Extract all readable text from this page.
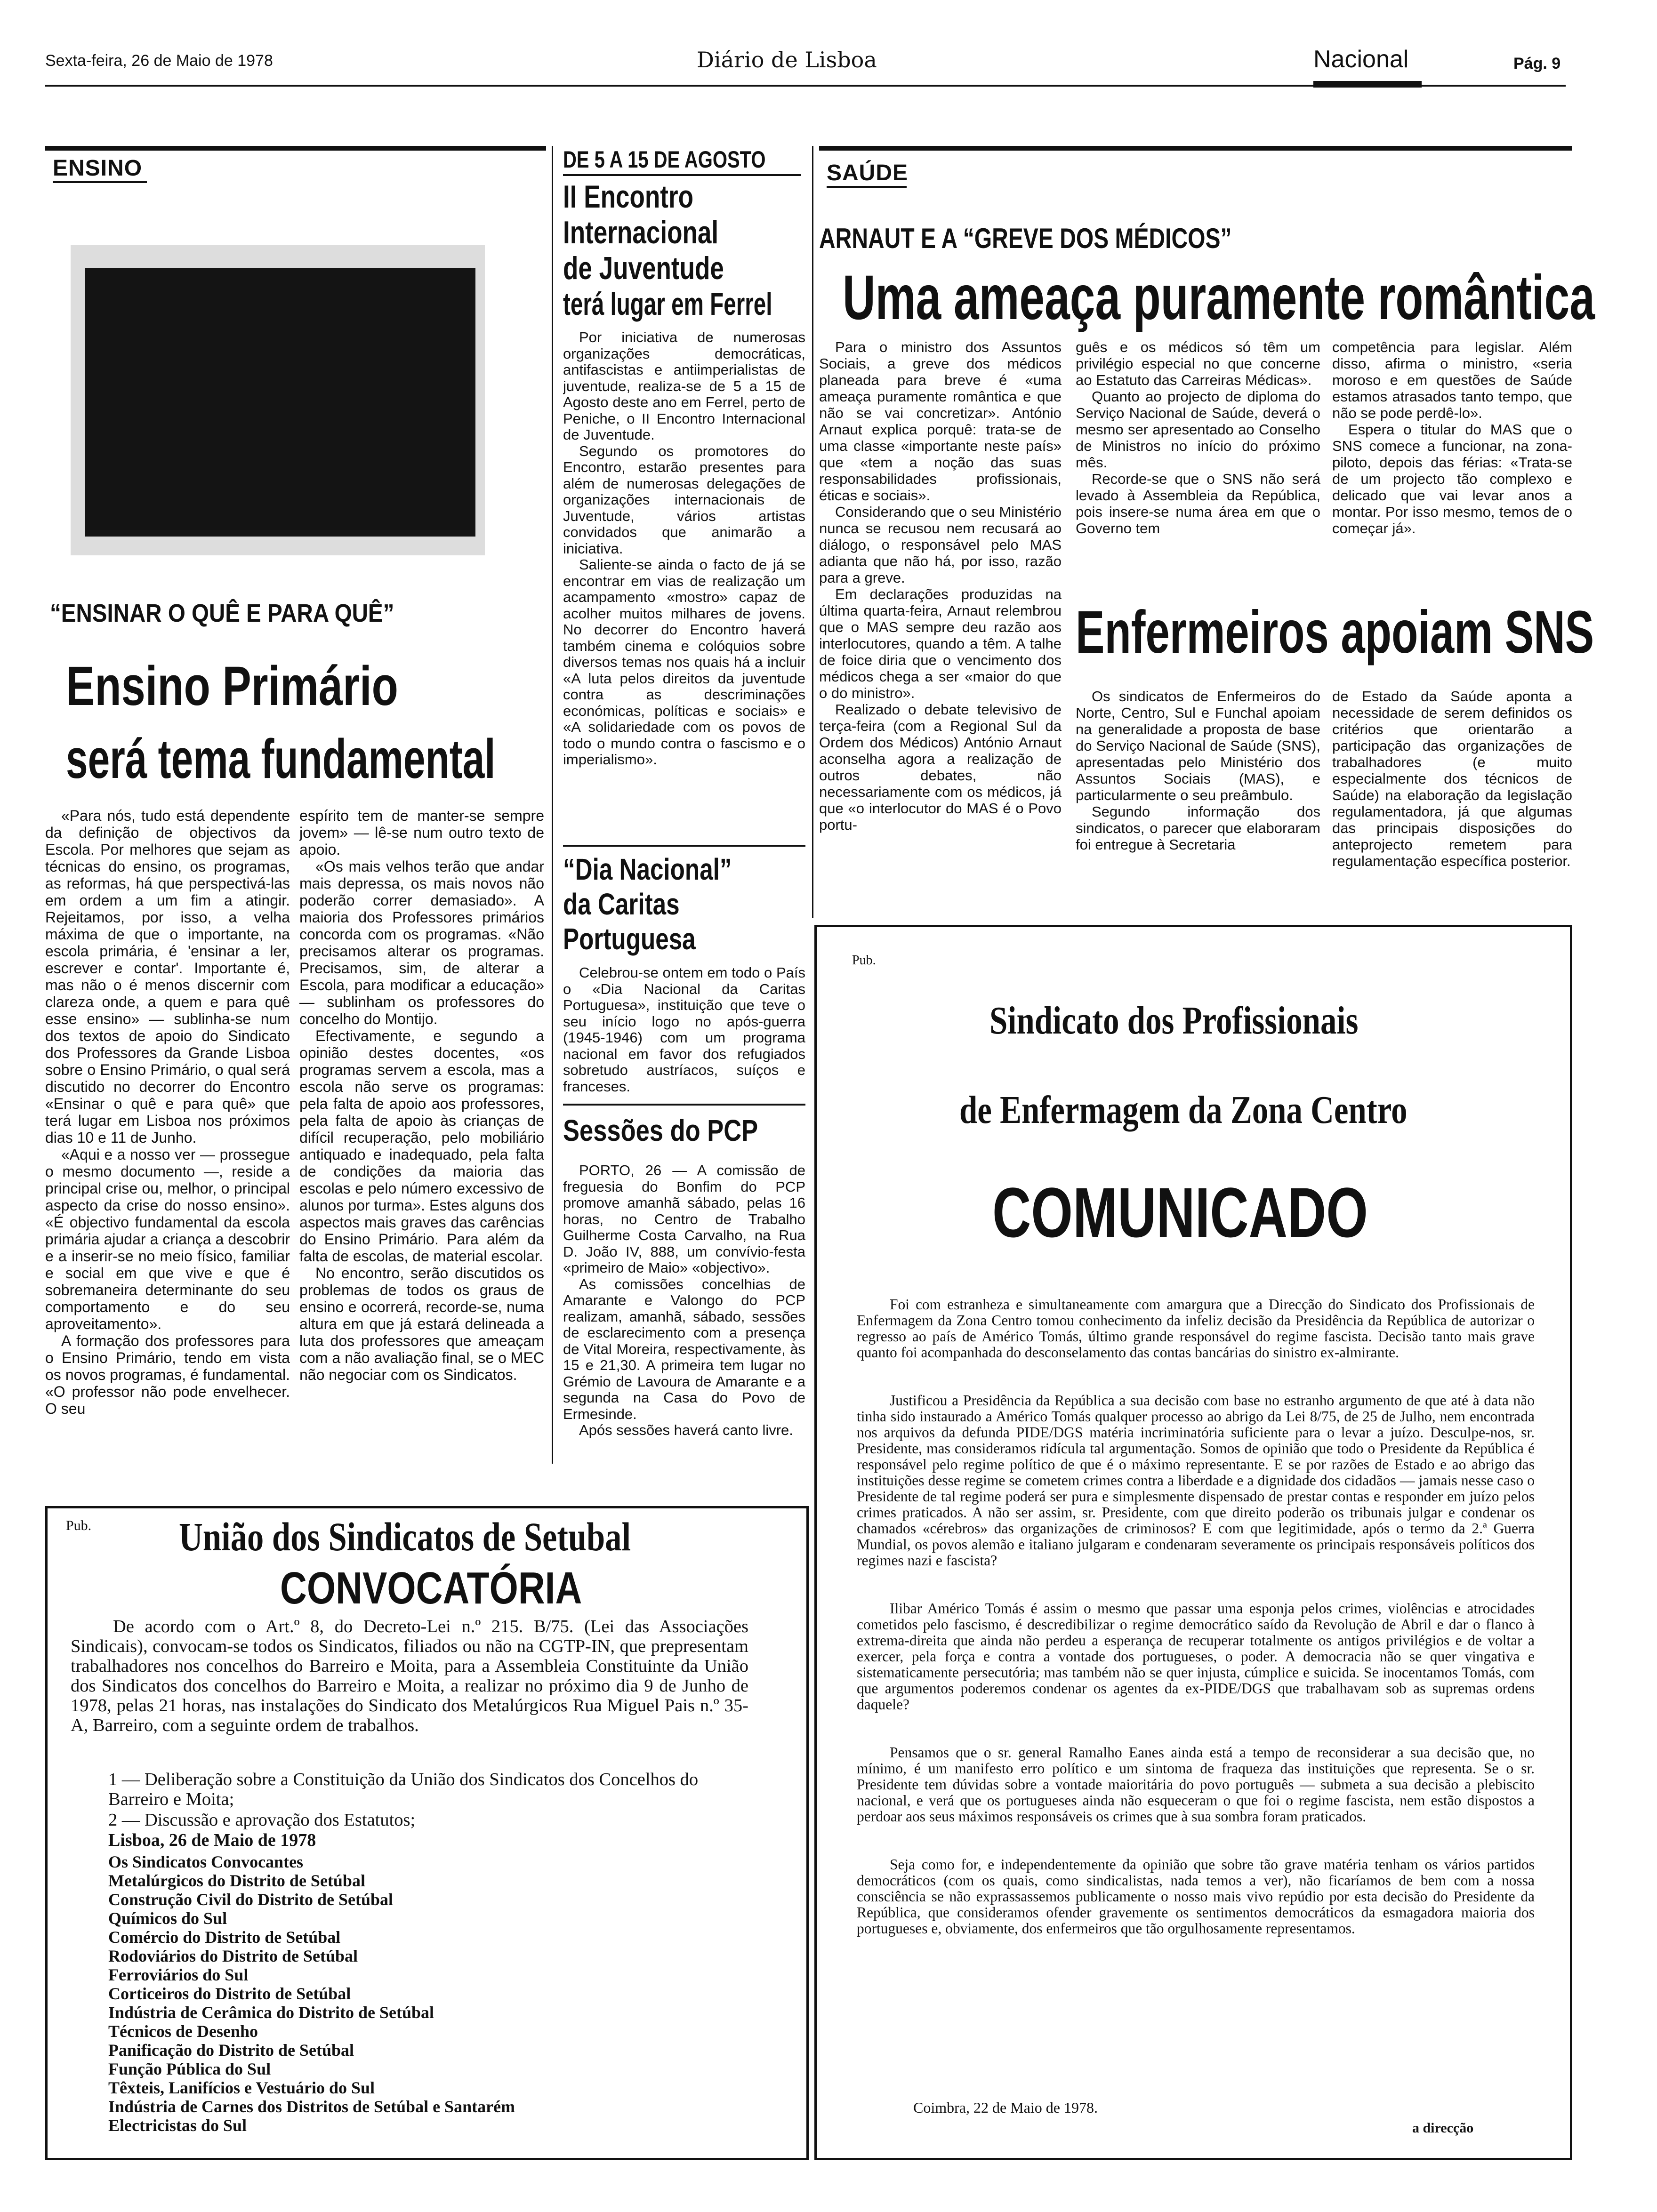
Sexta-feira, 26 de Maio de 1978	Diário de Lisboa	Nacional	Pág. 9
ENSINO
“ENSINAR O QUÊ E PARA QUÊ”
Ensino Primário
será tema fundamental

«Para nós, tudo está dependente da definição de objectivos da Escola. Por melhores que sejam as técnicas do ensino, os programas, as reformas, há que perspectivá-las em ordem a um fim a atingir. Rejeitamos, por isso, a velha máxima de que o importante, na escola primária, é 'ensinar a ler, escrever e contar'. Importante é, mas não o é menos discernir com clareza onde, a quem e para quê esse ensino» — sublinha-se num dos textos de apoio do Sindicato dos Professores da Grande Lisboa sobre o Ensino Primário, o qual será discutido no decorrer do Encontro «Ensinar o quê e para quê» que terá lugar em Lisboa nos próximos dias 10 e 11 de Junho.

«Aqui e a nosso ver — prossegue o mesmo documento —, reside a principal crise ou, melhor, o principal aspecto da crise do nosso ensino». «É objectivo fundamental da escola primária ajudar a criança a descobrir e a inserir-se no meio físico, familiar e social em que vive e que é sobremaneira determinante do seu comportamento e do seu aproveitamento».

A formação dos professores para o Ensino Primário, tendo em vista os novos programas, é fundamental. «O professor não pode envelhecer. O seu

espírito tem de manter-se sempre jovem» — lê-se num outro texto de apoio.

«Os mais velhos terão que andar mais depressa, os mais novos não poderão correr demasiado». A maioria dos Professores primários concorda com os programas. «Não precisamos alterar os programas. Precisamos, sim, de alterar a Escola, para modificar a educação» — sublinham os professores do concelho do Montijo.

Efectivamente, e segundo a opinião destes docentes, «os programas servem a escola, mas a escola não serve os programas: pela falta de apoio aos professores, pela falta de apoio às crianças de difícil recuperação, pelo mobiliário antiquado e inadequado, pela falta de condições da maioria das escolas e pelo número excessivo de alunos por turma». Estes alguns dos aspectos mais graves das carências do Ensino Primário. Para além da falta de escolas, de material escolar.

No encontro, serão discutidos os problemas de todos os graus de ensino e ocorrerá, recorde-se, numa altura em que já estará delineada a luta dos professores que ameaçam com a não avaliação final, se o MEC não negociar com os Sindicatos.

DE 5 A 15 DE AGOSTO
II Encontro
Internacional
de Juventude
terá lugar em Ferrel

Por iniciativa de numerosas organizações democráticas, antifascistas e antiimperialistas de juventude, realiza-se de 5 a 15 de Agosto deste ano em Ferrel, perto de Peniche, o II Encontro Internacional de Juventude.

Segundo os promotores do Encontro, estarão presentes para além de numerosas delegações de organizações internacionais de Juventude, vários artistas convidados que animarão a iniciativa.

Saliente-se ainda o facto de já se encontrar em vias de realização um acampamento «mostro» capaz de acolher muitos milhares de jovens. No decorrer do Encontro haverá também cinema e colóquios sobre diversos temas nos quais há a incluir «A luta pelos direitos da juventude contra as descriminações económicas, políticas e sociais» e «A solidariedade com os povos de todo o mundo contra o fascismo e o imperialismo».

“Dia Nacional”
da Caritas
Portuguesa

Celebrou-se ontem em todo o País o «Dia Nacional da Caritas Portuguesa», instituição que teve o seu início logo no após-guerra (1945-1946) com um programa nacional em favor dos refugiados sobretudo austríacos, suíços e franceses.

Sessões do PCP

PORTO, 26 — A comissão de freguesia do Bonfim do PCP promove amanhã sábado, pelas 16 horas, no Centro de Trabalho Guilherme Costa Carvalho, na Rua D. João IV, 888, um convívio-festa «primeiro de Maio» «objectivo».

As comissões concelhias de Amarante e Valongo do PCP realizam, amanhã, sábado, sessões de esclarecimento com a presença de Vital Moreira, respectivamente, às 15 e 21,30. A primeira tem lugar no Grémio de Lavoura de Amarante e a segunda na Casa do Povo de Ermesinde.

Após sessões haverá canto livre.

SAÚDE
ARNAUT E A “GREVE DOS MÉDICOS”
Uma ameaça puramente romântica

Para o ministro dos Assuntos Sociais, a greve dos médicos planeada para breve é «uma ameaça puramente romântica e que não se vai concretizar». António Arnaut explica porquê: trata-se de uma classe «importante neste país» que «tem a noção das suas responsabilidades profissionais, éticas e sociais».

Considerando que o seu Ministério nunca se recusou nem recusará ao diálogo, o responsável pelo MAS adianta que não há, por isso, razão para a greve.

Em declarações produzidas na última quarta-feira, Arnaut relembrou que o MAS sempre deu razão aos interlocutores, quando a têm. A talhe de foice diria que o vencimento dos médicos chega a ser «maior do que o do ministro».

Realizado o debate televisivo de terça-feira (com a Regional Sul da Ordem dos Médicos) António Arnaut aconselha agora a realização de outros debates, não necessariamente com os médicos, já que «o interlocutor do MAS é o Povo portu-

guês e os médicos só têm um privilégio especial no que concerne ao Estatuto das Carreiras Médicas».

Quanto ao projecto de diploma do Serviço Nacional de Saúde, deverá o mesmo ser apresentado ao Conselho de Ministros no início do próximo mês.

Recorde-se que o SNS não será levado à Assembleia da República, pois insere-se numa área em que o Governo tem

competência para legislar. Além disso, afirma o ministro, «seria moroso e em questões de Saúde estamos atrasados tanto tempo, que não se pode perdê-lo».

Espera o titular do MAS que o SNS comece a funcionar, na zona-piloto, depois das férias: «Trata-se de um projecto tão complexo e delicado que vai levar anos a montar. Por isso mesmo, temos de o começar já».

Enfermeiros apoiam SNS

Os sindicatos de Enfermeiros do Norte, Centro, Sul e Funchal apoiam na generalidade a proposta de base do Serviço Nacional de Saúde (SNS), apresentadas pelo Ministério dos Assuntos Sociais (MAS), e particularmente o seu preâmbulo.

Segundo informação dos sindicatos, o parecer que elaboraram foi entregue à Secretaria

de Estado da Saúde aponta a necessidade de serem definidos os critérios que orientarão a participação das organizações de trabalhadores (e muito especialmente dos técnicos de Saúde) na elaboração da legislação regulamentadora, já que algumas das principais disposições do anteprojecto remetem para regulamentação específica posterior.

Pub. União dos Sindicatos de Setubal
CONVOCATÓRIA
De acordo com o Art.º 8, do Decreto-Lei n.º 215. B/75. (Lei das Associações Sindicais), convocam-se todos os Sindicatos, filiados ou não na CGTP-IN, que prepresentam trabalhadores nos concelhos do Barreiro e Moita, para a Assembleia Constituinte da União dos Sindicatos dos concelhos do Barreiro e Moita, a realizar no próximo dia 9 de Junho de 1978, pelas 21 horas, nas instalações do Sindicato dos Metalúrgicos Rua Miguel Pais n.º 35-A, Barreiro, com a seguinte ordem de trabalhos.
1 — Deliberação sobre a Constituição da União dos Sindicatos dos Concelhos do Barreiro e Moita;
2 — Discussão e aprovação dos Estatutos;
Lisboa, 26 de Maio de 1978
Os Sindicatos Convocantes
Metalúrgicos do Distrito de Setúbal
Construção Civil do Distrito de Setúbal
Químicos do Sul
Comércio do Distrito de Setúbal
Rodoviários do Distrito de Setúbal
Ferroviários do Sul
Corticeiros do Distrito de Setúbal
Indústria de Cerâmica do Distrito de Setúbal
Técnicos de Desenho
Panificação do Distrito de Setúbal
Função Pública do Sul
Têxteis, Lanifícios e Vestuário do Sul
Indústria de Carnes dos Distritos de Setúbal e Santarém
Electricistas do Sul
Pub.
Sindicato dos Profissionais
de Enfermagem da Zona Centro
COMUNICADO

Foi com estranheza e simultaneamente com amargura que a Direcção do Sindicato dos Profissionais de Enfermagem da Zona Centro tomou conhecimento da infeliz decisão da Presidência da República de autorizar o regresso ao país de Américo Tomás, último grande responsável do regime fascista. Decisão tanto mais grave quanto foi acompanhada do desconselamento das contas bancárias do sinistro ex-almirante.

Justificou a Presidência da República a sua decisão com base no estranho argumento de que até à data não tinha sido instaurado a Américo Tomás qualquer processo ao abrigo da Lei 8/75, de 25 de Julho, nem encontrada nos arquivos da defunda PIDE/DGS matéria incriminatória suficiente para o levar a juízo. Desculpe-nos, sr. Presidente, mas consideramos ridícula tal argumentação. Somos de opinião que todo o Presidente da República é responsável pelo regime político de que é o máximo representante. E se por razões de Estado e ao abrigo das instituições desse regime se cometem crimes contra a liberdade e a dignidade dos cidadãos — jamais nesse caso o Presidente de tal regime poderá ser pura e simplesmente dispensado de prestar contas e responder em juízo pelos crimes praticados. A não ser assim, sr. Presidente, com que direito poderão os tribunais julgar e condenar os chamados «cérebros» das organizações de criminosos? E com que legitimidade, após o termo da 2.ª Guerra Mundial, os povos alemão e italiano julgaram e condenaram severamente os principais responsáveis políticos dos regimes nazi e fascista?

Ilibar Américo Tomás é assim o mesmo que passar uma esponja pelos crimes, violências e atrocidades cometidos pelo fascismo, é descredibilizar o regime democrático saído da Revolução de Abril e dar o flanco à extrema-direita que ainda não perdeu a esperança de recuperar totalmente os antigos privilégios e de voltar a exercer, pela força e contra a vontade dos portugueses, o poder. A democracia não se quer vingativa e sistematicamente persecutória; mas também não se quer injusta, cúmplice e suicida. Se inocentamos Tomás, com que argumentos poderemos condenar os agentes da ex-PIDE/DGS que trabalhavam sob as supremas ordens daquele?

Pensamos que o sr. general Ramalho Eanes ainda está a tempo de reconsiderar a sua decisão que, no mínimo, é um manifesto erro político e um sintoma de fraqueza das instituições que representa. Se o sr. Presidente tem dúvidas sobre a vontade maioritária do povo português — submeta a sua decisão a plebiscito nacional, e verá que os portugueses ainda não esqueceram o que foi o regime fascista, nem estão dispostos a perdoar aos seus máximos responsáveis os crimes que à sua sombra foram praticados.

Seja como for, e independentemente da opinião que sobre tão grave matéria tenham os vários partidos democráticos (com os quais, como sindicalistas, nada temos a ver), não ficaríamos de bem com a nossa consciência se não exprassassemos publicamente o nosso mais vivo repúdio por esta decisão do Presidente da República, que consideramos ofender gravemente os sentimentos democráticos da esmagadora maioria dos portugueses e, obviamente, dos enfermeiros que tão orgulhosamente representamos.

Coimbra, 22 de Maio de 1978.
a direcção
